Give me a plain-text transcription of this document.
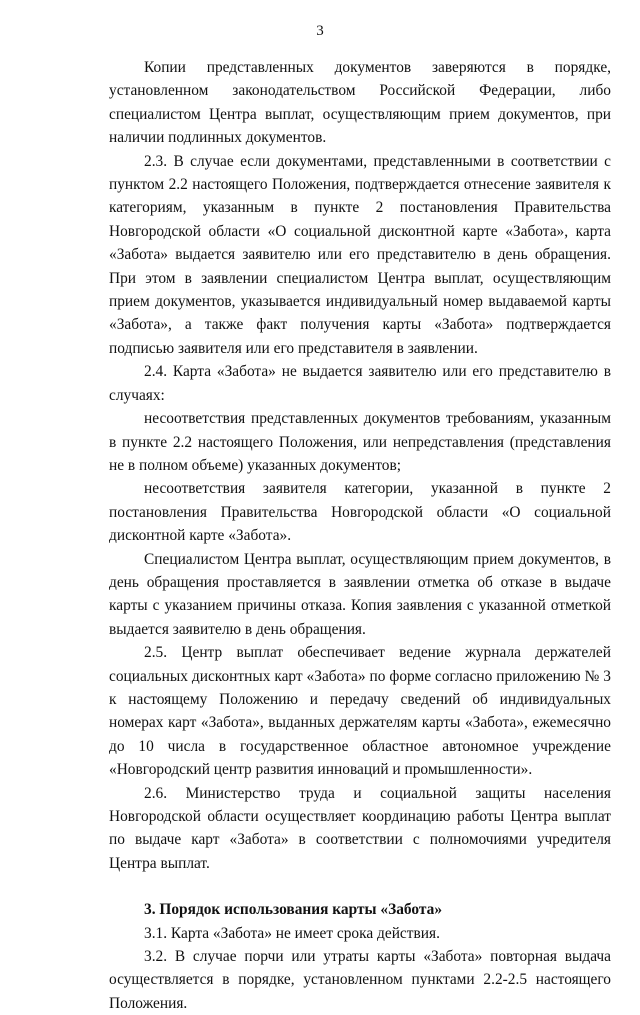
3

Копии представленных документов заверяются в порядке, установленном законодательством Российской Федерации, либо специалистом Центра выплат, осуществляющим прием документов, при наличии подлинных документов.

2.3. В случае если документами, представленными в соответствии с пунктом 2.2 настоящего Положения, подтверждается отнесение заявителя к категориям, указанным в пункте 2 постановления Правительства Новгородской области «О социальной дисконтной карте «Забота», карта «Забота» выдается заявителю или его представителю в день обращения. При этом в заявлении специалистом Центра выплат, осуществляющим прием документов, указывается индивидуальный номер выдаваемой карты «Забота», а также факт получения карты «Забота» подтверждается подписью заявителя или его представителя в заявлении.

2.4. Карта «Забота» не выдается заявителю или его представителю в случаях:

несоответствия представленных документов требованиям, указанным в пункте 2.2 настоящего Положения, или непредставления (представления не в полном объеме) указанных документов;

несоответствия заявителя категории, указанной в пункте 2 постановления Правительства Новгородской области «О социальной дисконтной карте «Забота».

Специалистом Центра выплат, осуществляющим прием документов, в день обращения проставляется в заявлении отметка об отказе в выдаче карты с указанием причины отказа. Копия заявления с указанной отметкой выдается заявителю в день обращения.

2.5. Центр выплат обеспечивает ведение журнала держателей социальных дисконтных карт «Забота» по форме согласно приложению № 3 к настоящему Положению и передачу сведений об индивидуальных номерах карт «Забота», выданных держателям карты «Забота», ежемесячно до 10 числа в государственное областное автономное учреждение «Новгородский центр развития инноваций и промышленности».

2.6. Министерство труда и социальной защиты населения Новгородской области осуществляет координацию работы Центра выплат по выдаче карт «Забота» в соответствии с полномочиями учредителя Центра выплат.

3. Порядок использования карты «Забота»

3.1. Карта «Забота» не имеет срока действия.

3.2. В случае порчи или утраты карты «Забота» повторная выдача осуществляется в порядке, установленном пунктами 2.2-2.5 настоящего Положения.
